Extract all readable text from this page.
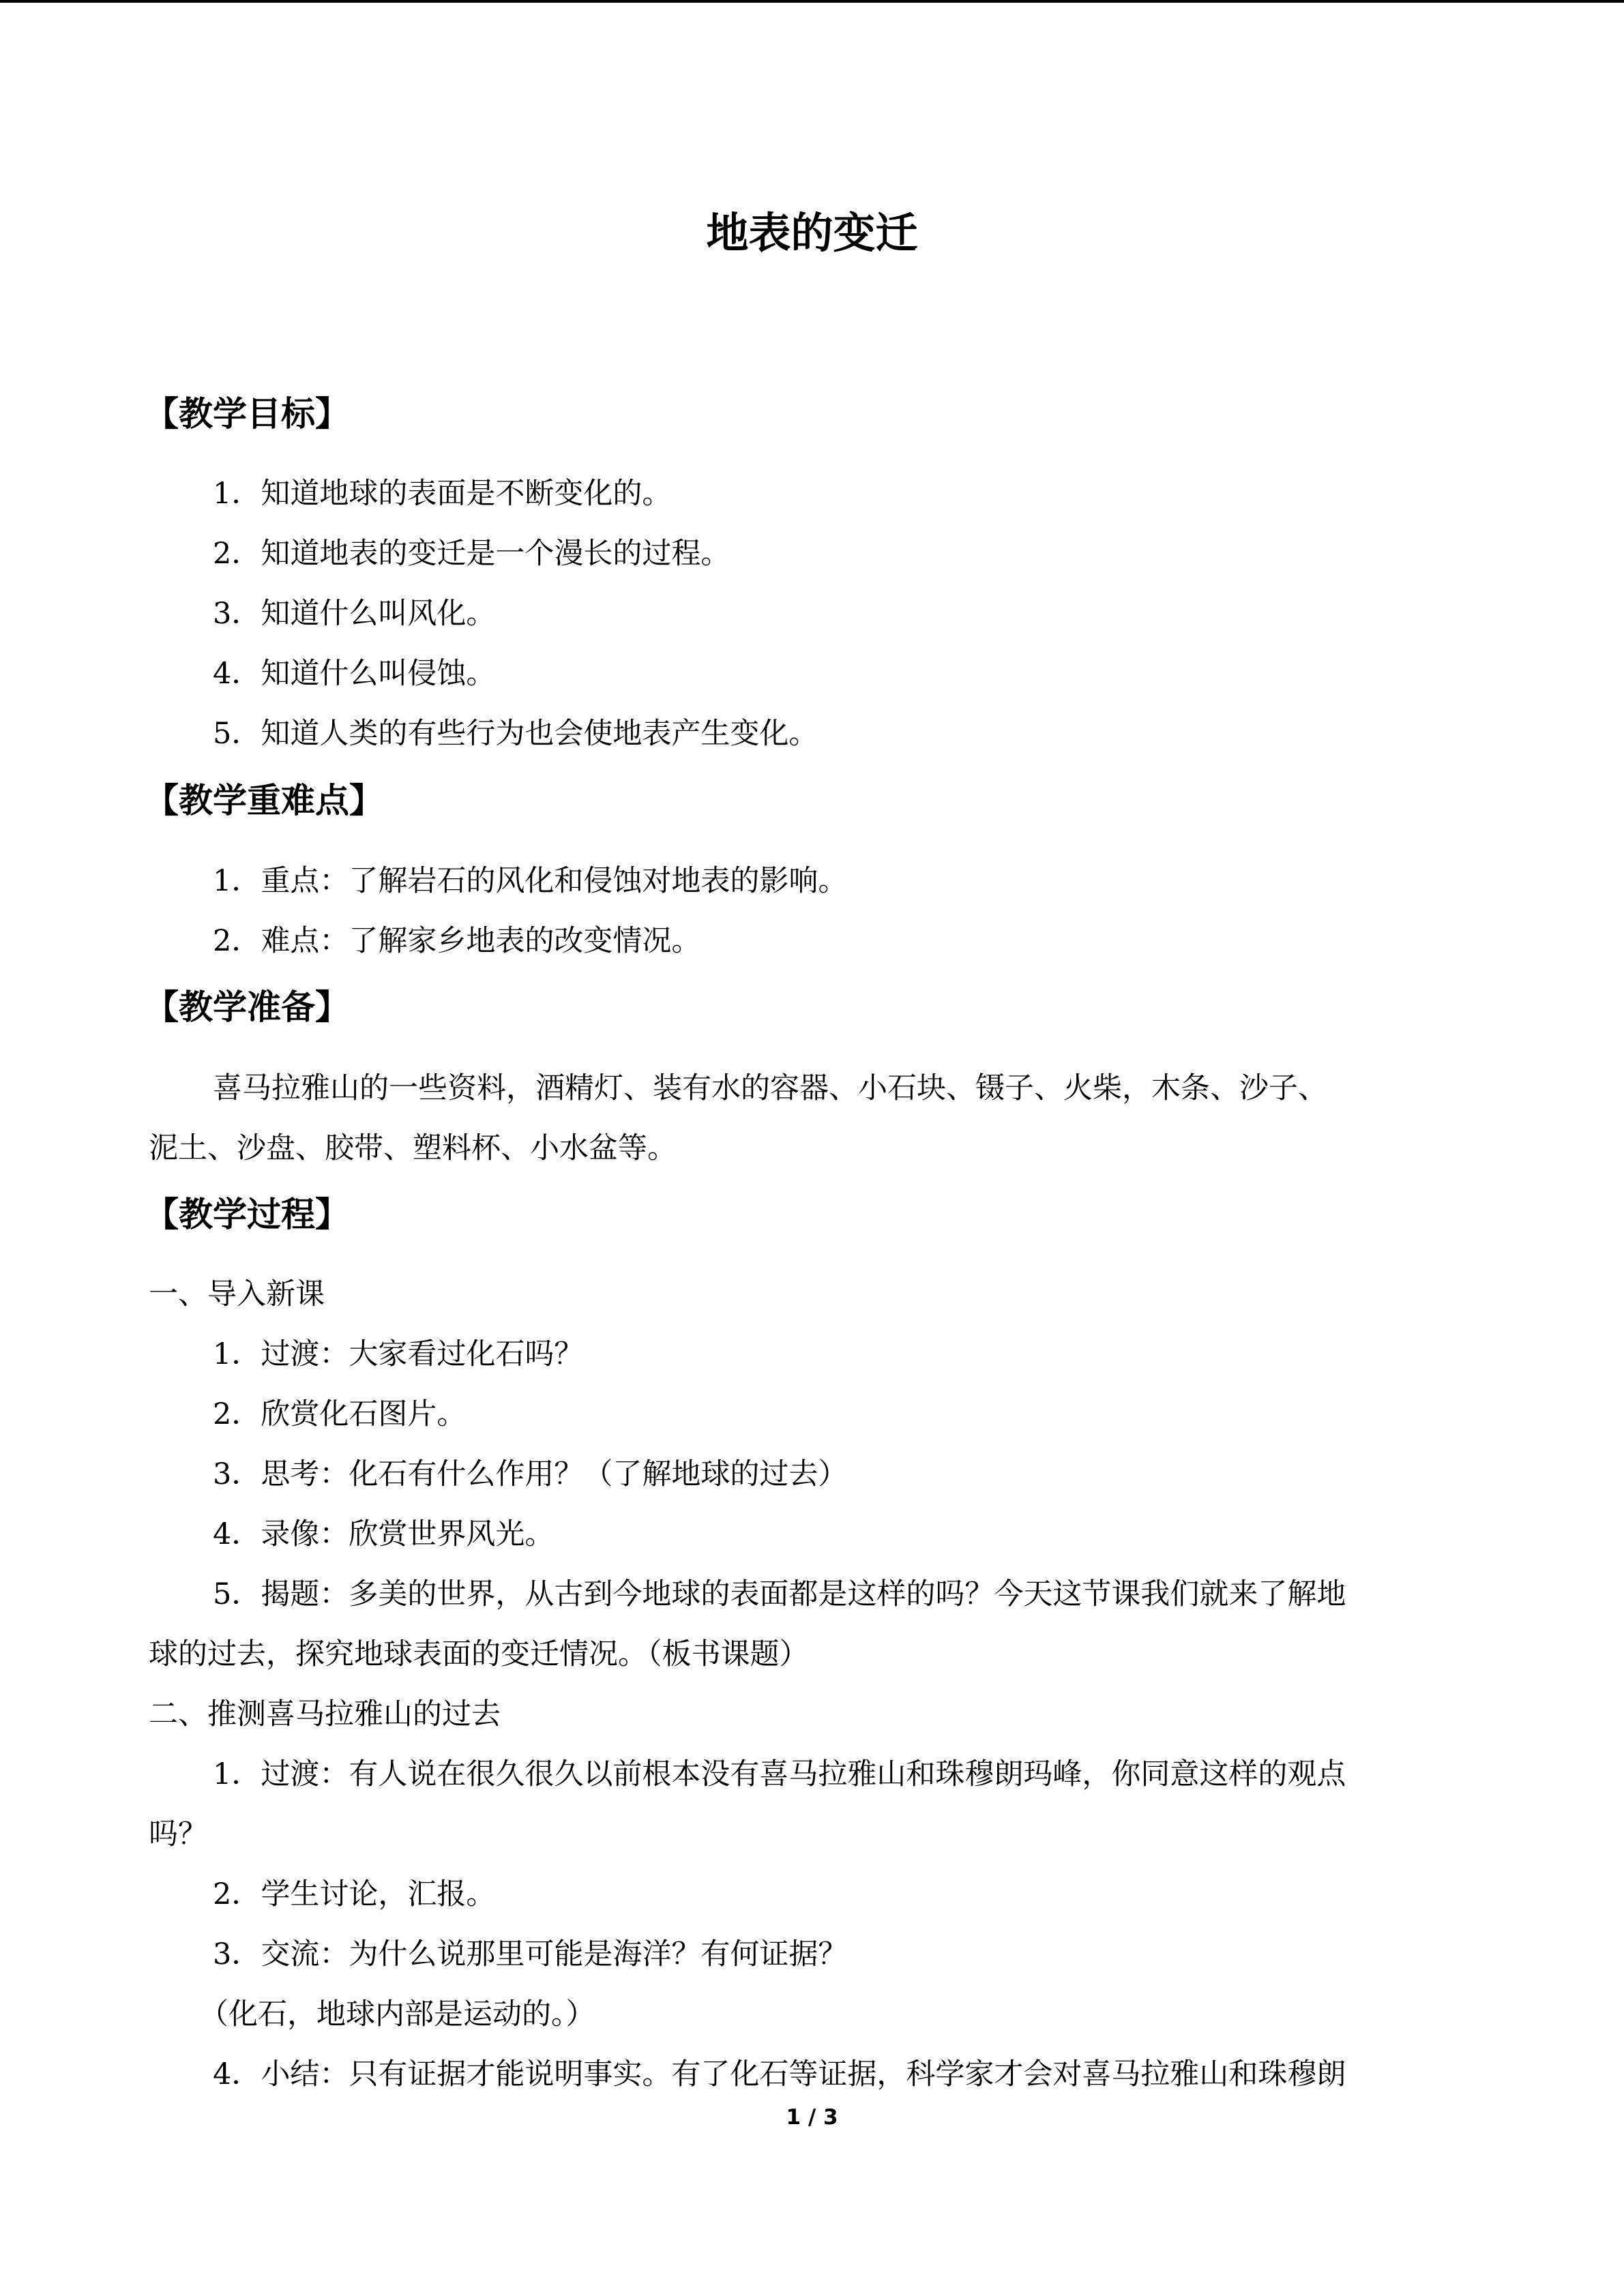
地表的变迁
【教学目标】
1．知道地球的表面是不断变化的。
2．知道地表的变迁是一个漫长的过程。
3．知道什么叫风化。
4．知道什么叫侵蚀。
5．知道人类的有些行为也会使地表产生变化。
【教学重难点】
1．重点：了解岩石的风化和侵蚀对地表的影响。
2．难点：了解家乡地表的改变情况。
【教学准备】
喜马拉雅山的一些资料，酒精灯、装有水的容器、小石块、镊子、火柴，木条、沙子、
泥土、沙盘、胶带、塑料杯、小水盆等。
【教学过程】
一、导入新课
1．过渡：大家看过化石吗？
2．欣赏化石图片。
3．思考：化石有什么作用？（了解地球的过去）
4．录像：欣赏世界风光。
5．揭题：多美的世界，从古到今地球的表面都是这样的吗？今天这节课我们就来了解地
球的过去，探究地球表面的变迁情况。（板书课题）
二、推测喜马拉雅山的过去
1．过渡：有人说在很久很久以前根本没有喜马拉雅山和珠穆朗玛峰，你同意这样的观点
吗？
2．学生讨论，汇报。
3．交流：为什么说那里可能是海洋？有何证据？
（化石，地球内部是运动的。）
4．小结：只有证据才能说明事实。有了化石等证据，科学家才会对喜马拉雅山和珠穆朗
1 / 3
